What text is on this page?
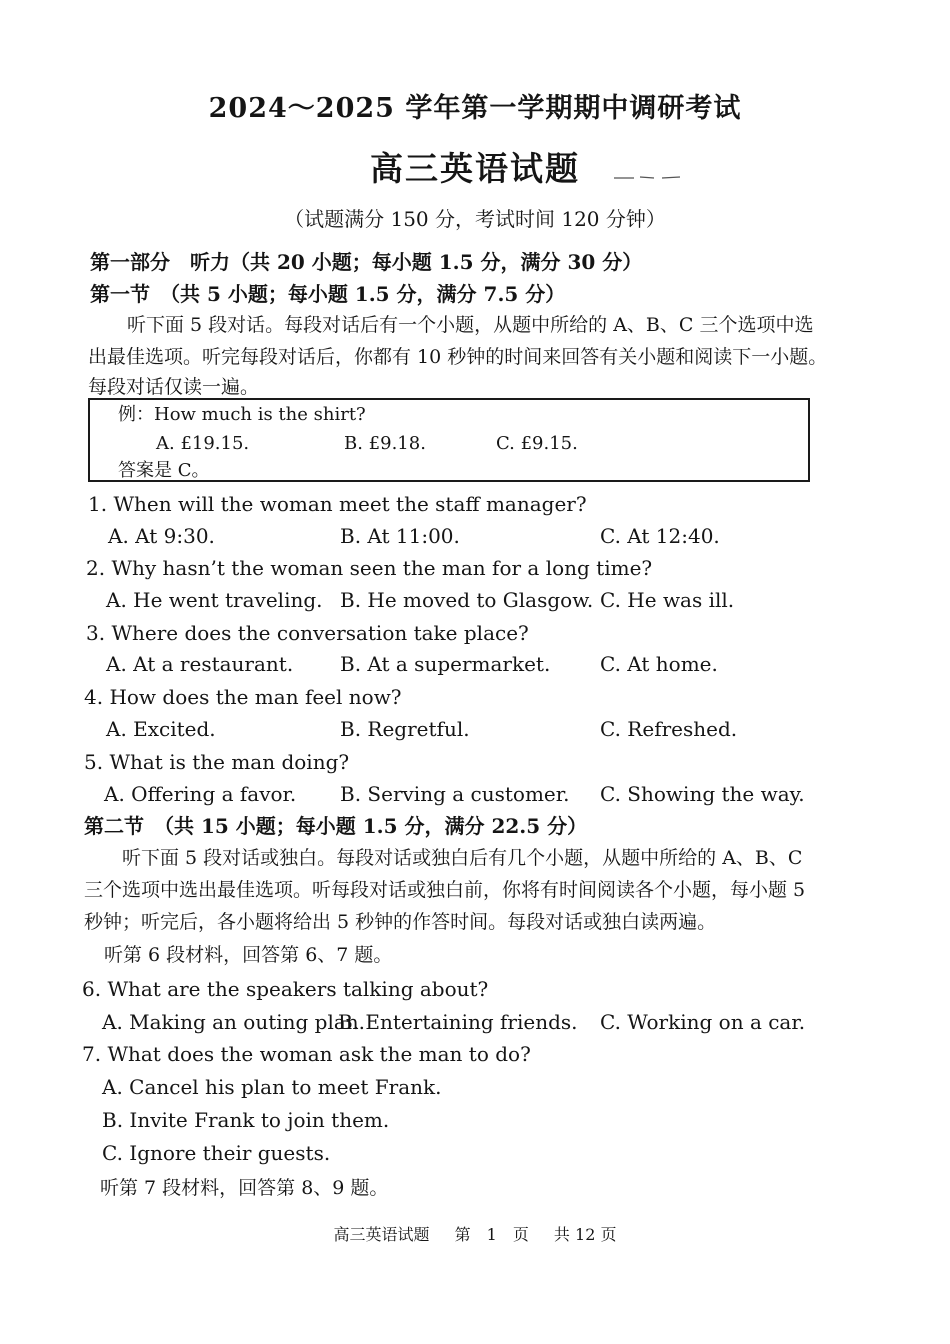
2024～2025 学年第一学期期中调研考试
高三英语试题
（试题满分 150 分，考试时间 120 分钟）
第一部分　听力（共 20 小题；每小题 1.5 分，满分 30 分）
第一节　（共 5 小题；每小题 1.5 分，满分 7.5 分）
听下面 5 段对话。每段对话后有一个小题，从题中所给的 A、B、C 三个选项中选
出最佳选项。听完每段对话后，你都有 10 秒钟的时间来回答有关小题和阅读下一小题。
每段对话仅读一遍。
例：How much is the shirt?
A. £19.15.	B. £9.18.	C. £9.15.
答案是 C。
1. When will the woman meet the staff manager?
A. At 9:30.	B. At 11:00.	C. At 12:40.
2. Why hasn’t the woman seen the man for a long time?
A. He went traveling. B. He moved to Glasgow. C. He was ill.
3. Where does the conversation take place?
A. At a restaurant. B. At a supermarket. C. At home.
4. How does the man feel now?
A. Excited.	B. Regretful.	C. Refreshed.
5. What is the man doing?
A. Offering a favor. B. Serving a customer. C. Showing the way.
第二节　（共 15 小题；每小题 1.5 分，满分 22.5 分）
听下面 5 段对话或独白。每段对话或独白后有几个小题，从题中所给的 A、B、C
三个选项中选出最佳选项。听每段对话或独白前，你将有时间阅读各个小题，每小题 5
秒钟；听完后，各小题将给出 5 秒钟的作答时间。每段对话或独白读两遍。
听第 6 段材料，回答第 6、7 题。
6. What are the speakers talking about?
A. Making an outing plan.
B. Entertaining friends. C. Working on a car.
7. What does the woman ask the man to do?
A. Cancel his plan to meet Frank.
B. Invite Frank to join them.
C. Ignore their guests.
听第 7 段材料，回答第 8、9 题。
高三英语试题 第　1　页 共 12 页
